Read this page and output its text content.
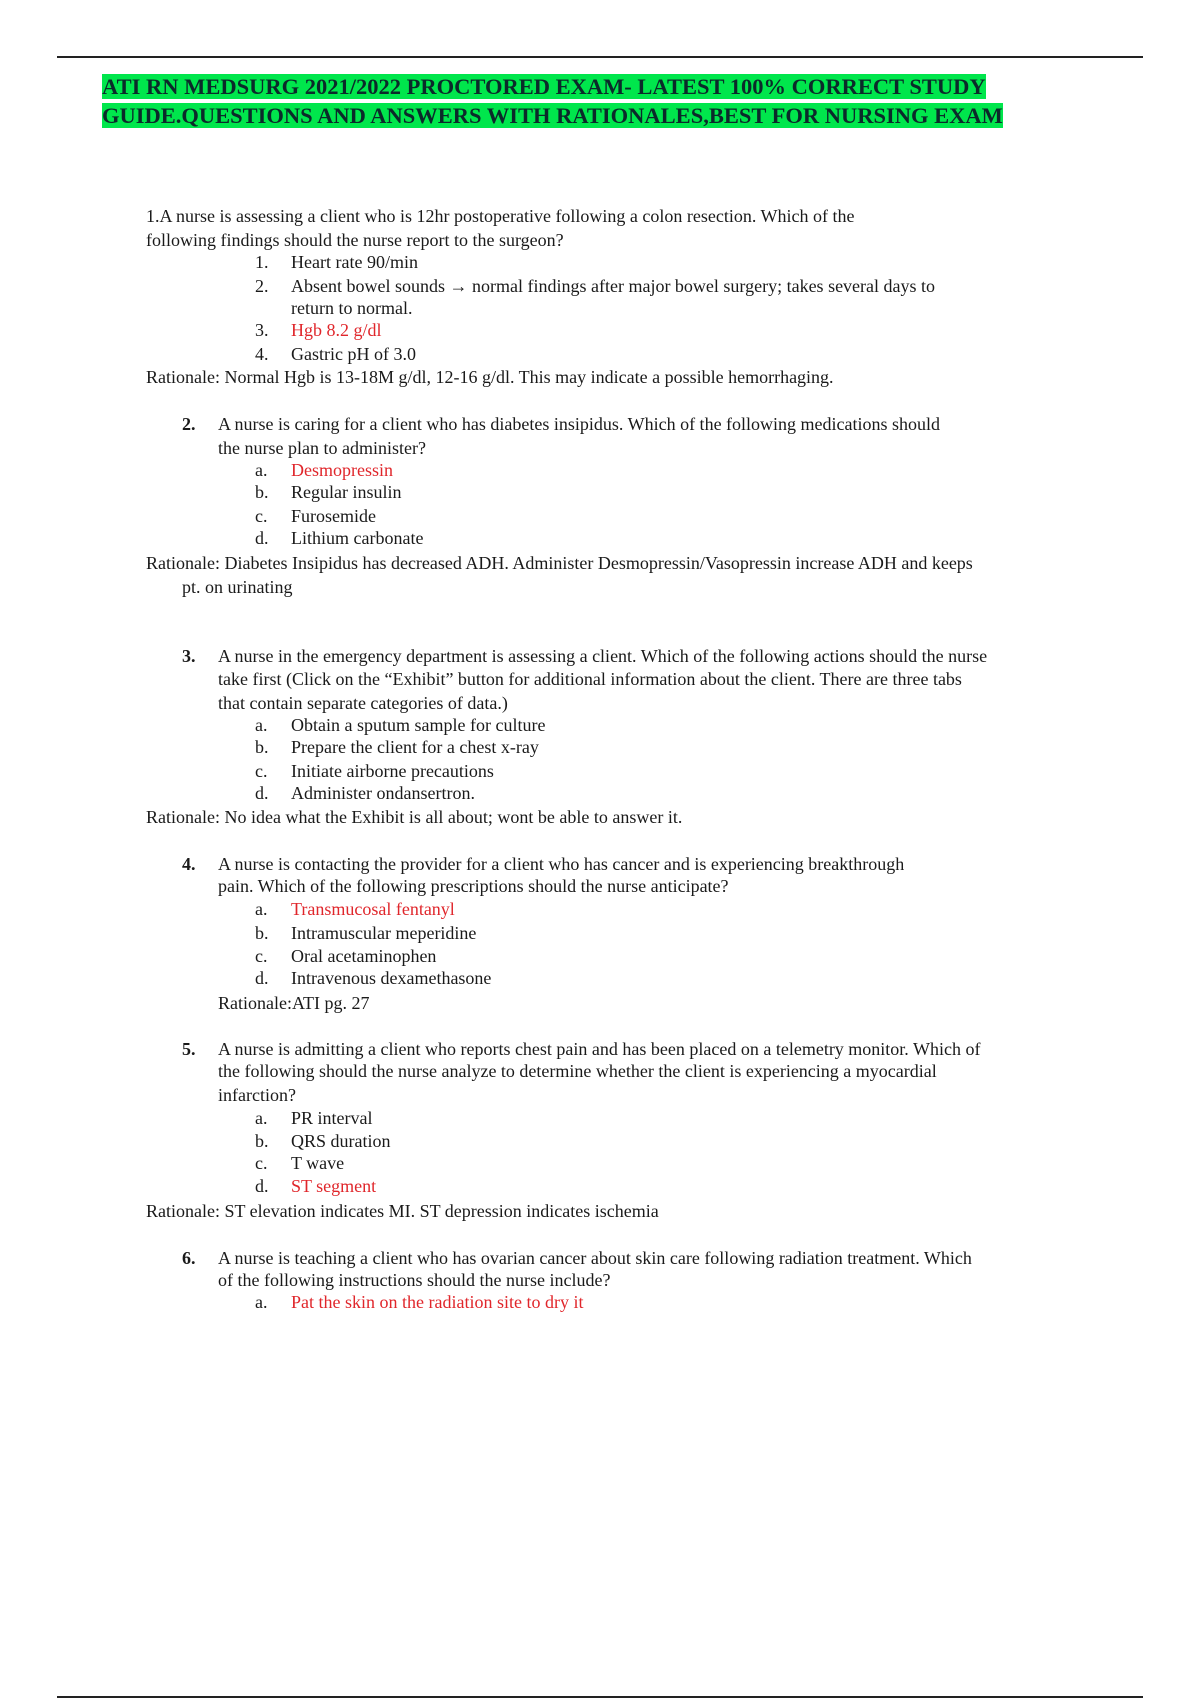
ATI RN MEDSURG 2021/2022 PROCTORED EXAM- LATEST 100% CORRECT STUDY
GUIDE.QUESTIONS AND ANSWERS WITH RATIONALES,BEST FOR NURSING EXAM
1.A nurse is assessing a client who is 12hr postoperative following a colon resection. Which of the
following findings should the nurse report to the surgeon?
1. Heart rate 90/min
2. Absent bowel sounds → normal findings after major bowel surgery; takes several days to
return to normal.
3. Hgb 8.2 g/dl
4. Gastric pH of 3.0
Rationale: Normal Hgb is 13-18M g/dl, 12-16 g/dl. This may indicate a possible hemorrhaging.
2. A nurse is caring for a client who has diabetes insipidus. Which of the following medications should
the nurse plan to administer?
a. Desmopressin
b. Regular insulin
c. Furosemide
d. Lithium carbonate
Rationale: Diabetes Insipidus has decreased ADH. Administer Desmopressin/Vasopressin increase ADH and keeps
pt. on urinating
3. A nurse in the emergency department is assessing a client. Which of the following actions should the nurse
take first (Click on the “Exhibit” button for additional information about the client. There are three tabs
that contain separate categories of data.)
a. Obtain a sputum sample for culture
b. Prepare the client for a chest x-ray
c. Initiate airborne precautions
d. Administer ondansertron.
Rationale: No idea what the Exhibit is all about; wont be able to answer it.
4. A nurse is contacting the provider for a client who has cancer and is experiencing breakthrough
pain. Which of the following prescriptions should the nurse anticipate?
a. Transmucosal fentanyl
b. Intramuscular meperidine
c. Oral acetaminophen
d. Intravenous dexamethasone
Rationale:ATI pg. 27
5. A nurse is admitting a client who reports chest pain and has been placed on a telemetry monitor. Which of
the following should the nurse analyze to determine whether the client is experiencing a myocardial
infarction?
a. PR interval
b. QRS duration
c. T wave
d. ST segment
Rationale: ST elevation indicates MI. ST depression indicates ischemia
6. A nurse is teaching a client who has ovarian cancer about skin care following radiation treatment. Which
of the following instructions should the nurse include?
a. Pat the skin on the radiation site to dry it
